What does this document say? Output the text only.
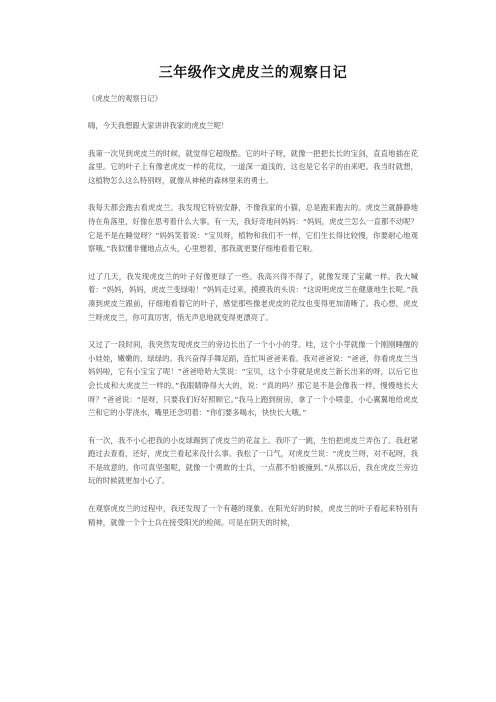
三年级作文虎皮兰的观察日记

《虎皮兰的观察日记》

嗨，今天我想跟大家讲讲我家的虎皮兰呢！

我第一次见到虎皮兰的时候，就觉得它超级酷。它的叶子呀，就像一把把长长的宝剑，直直地插在花盆里。它的叶子上有像老虎皮一样的花纹，一道深一道浅的，这也是它名字的由来吧。我当时就想，这植物怎么这么特别呀，就像从神秘的森林里来的勇士。

我每天都会跑去看虎皮兰。我发现它特别安静，不像我家的小猫，总是跑来跑去的。虎皮兰就静静地待在角落里，好像在思考着什么大事。有一天，我好奇地问妈妈：“妈妈，虎皮兰怎么一直都不动呢？它是不是在睡觉呀？”妈妈笑着说：“宝贝呀，植物和我们不一样，它们生长得比较慢，你要耐心地观察哦。”我似懂非懂地点点头，心里想着，那我就更要仔细地看着它啦。

过了几天，我发现虎皮兰的叶子好像更绿了一些。我高兴得不得了，就像发现了宝藏一样。我大喊着：“妈妈，妈妈，虎皮兰变绿啦！”妈妈走过来，摸摸我的头说：“这说明虎皮兰在健康地生长呢。”我凑到虎皮兰跟前，仔细地看着它的叶子，感觉那些像老虎皮的花纹也变得更加清晰了。我心想，虎皮兰呀虎皮兰，你可真厉害，悄无声息地就变得更漂亮了。

又过了一段时间，我突然发现虎皮兰的旁边长出了一个小小的芽。哇，这个小芽就像一个刚刚睡醒的小娃娃，嫩嫩的、绿绿的。我兴奋得手舞足蹈，连忙叫爸爸来看。我对爸爸说：“爸爸，你看虎皮兰当妈妈啦，它有小宝宝了呢！”爸爸哈哈大笑说：“宝贝，这个小芽就是虎皮兰新长出来的呀，以后它也会长成和大虎皮兰一样的。”我眼睛睁得大大的，说：“真的吗？那它是不是会像我一样，慢慢地长大呀？”爸爸说：“是呀，只要我们好好照顾它。”我马上跑到厨房，拿了一个小喷壶，小心翼翼地给虎皮兰和它的小芽浇水，嘴里还念叨着：“你们要多喝水，快快长大哦。”

有一次，我不小心把我的小皮球踢到了虎皮兰的花盆上。我吓了一跳，生怕把虎皮兰弄伤了。我赶紧跑过去查看，还好，虎皮兰看起来没什么事。我松了一口气，对虎皮兰说：“虎皮兰呀，对不起呀，我不是故意的。你可真坚强呢，就像一个勇敢的士兵，一点都不怕被撞到。”从那以后，我在虎皮兰旁边玩的时候就更加小心了。

在观察虎皮兰的过程中，我还发现了一个有趣的现象。在阳光好的时候，虎皮兰的叶子看起来特别有精神，就像一个个士兵在接受阳光的检阅。可是在阴天的时候，
